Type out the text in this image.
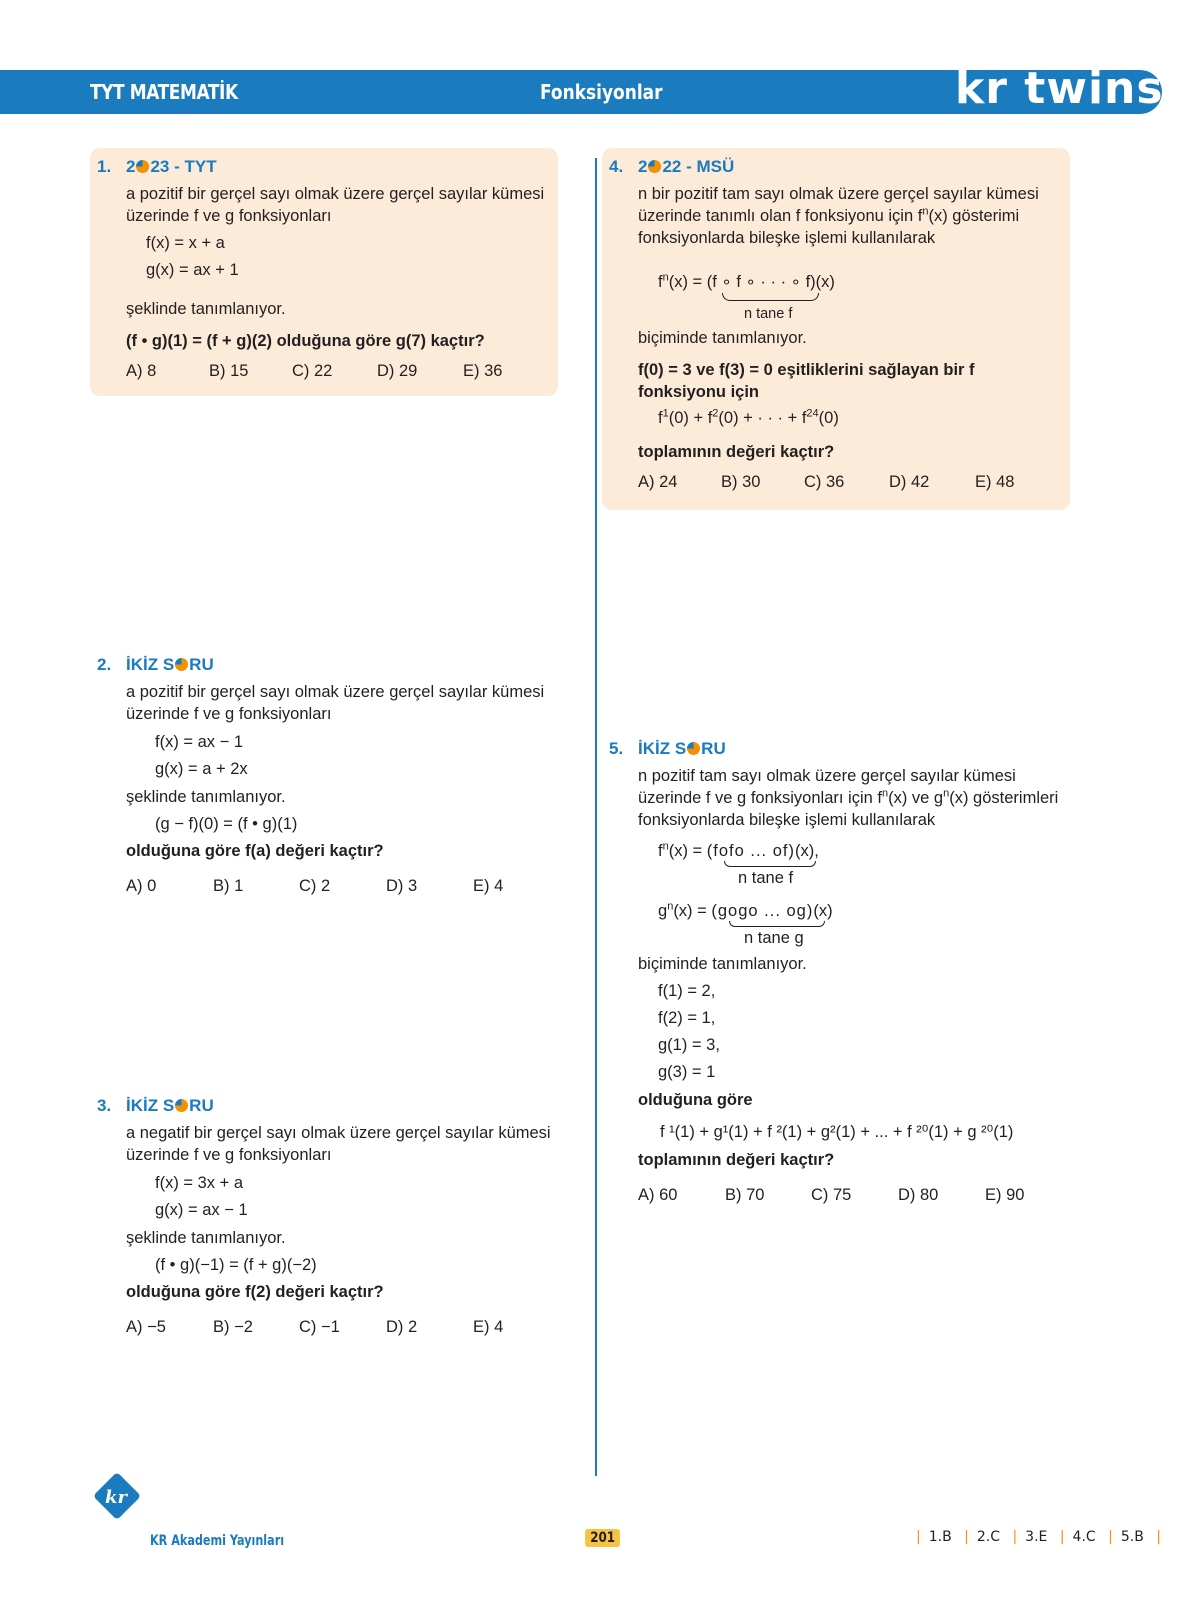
TYT MATEMATİK	Fonksiyonlar	kr twins
1. 2 23 - TYT
a pozitif bir gerçel sayı olmak üzere gerçel sayılar kümesi
üzerinde f ve g fonksiyonları
f(x) = x + a
g(x) = ax + 1
şeklinde tanımlanıyor.
(f • g)(1) = (f + g)(2) olduğuna göre g(7) kaçtır?
A) 8	B) 15	C) 22	D) 29	E) 36
2. İKİZ S RU
a pozitif bir gerçel sayı olmak üzere gerçel sayılar kümesi
üzerinde f ve g fonksiyonları
f(x) = ax − 1
g(x) = a + 2x
şeklinde tanımlanıyor.
(g − f)(0) = (f • g)(1)
olduğuna göre f(a) değeri kaçtır?
A) 0	B) 1	C) 2	D) 3	E) 4
3. İKİZ S RU
a negatif bir gerçel sayı olmak üzere gerçel sayılar kümesi
üzerinde f ve g fonksiyonları
f(x) = 3x + a
g(x) = ax − 1
şeklinde tanımlanıyor.
(f • g)(−1) = (f + g)(−2)
olduğuna göre f(2) değeri kaçtır?
A) −5	B) −2	C) −1	D) 2	E) 4
4. 2 22 - MSÜ
n bir pozitif tam sayı olmak üzere gerçel sayılar kümesi
üzerinde tanımlı olan f fonksiyonu için $f^n(x)$ gösterimi
fonksiyonlarda bileşke işlemi kullanılarak
$f^n(x) = (f$ ∘ f ∘ · · · ∘ f)(x)
n tane f
biçiminde tanımlanıyor.
f(0) = 3 ve f(3) = 0 eşitliklerini sağlayan bir f
fonksiyonu için
$f^1(0) + f^2(0)$ + · · · + $f^{24}(0)$
toplamının değeri kaçtır?
A) 24	B) 30	C) 36	D) 42	E) 48
5. İKİZ S RU
n pozitif tam sayı olmak üzere gerçel sayılar kümesi
üzerinde f ve g fonksiyonları için $f^n(x)$ ve $g^n(x)$ gösterimleri
fonksiyonlarda bileşke işlemi kullanılarak
$f^n(x)$ = (fofo ... of)(x),
n tane f
$g^n(x)$ = (gogo ... og)(x)
n tane g
biçiminde tanımlanıyor.
f(1) = 2,
f(2) = 1,
g(1) = 3,
g(3) = 1
olduğuna göre
f ¹(1) + g¹(1) + f ²(1) + g²(1) + ... + f ²⁰(1) + g ²⁰(1)
toplamının değeri kaçtır?
A) 60	B) 70	C) 75	D) 80	E) 90
kr
KR Akademi Yayınları	201	| 1.B | 2.C | 3.E | 4.C | 5.B |
